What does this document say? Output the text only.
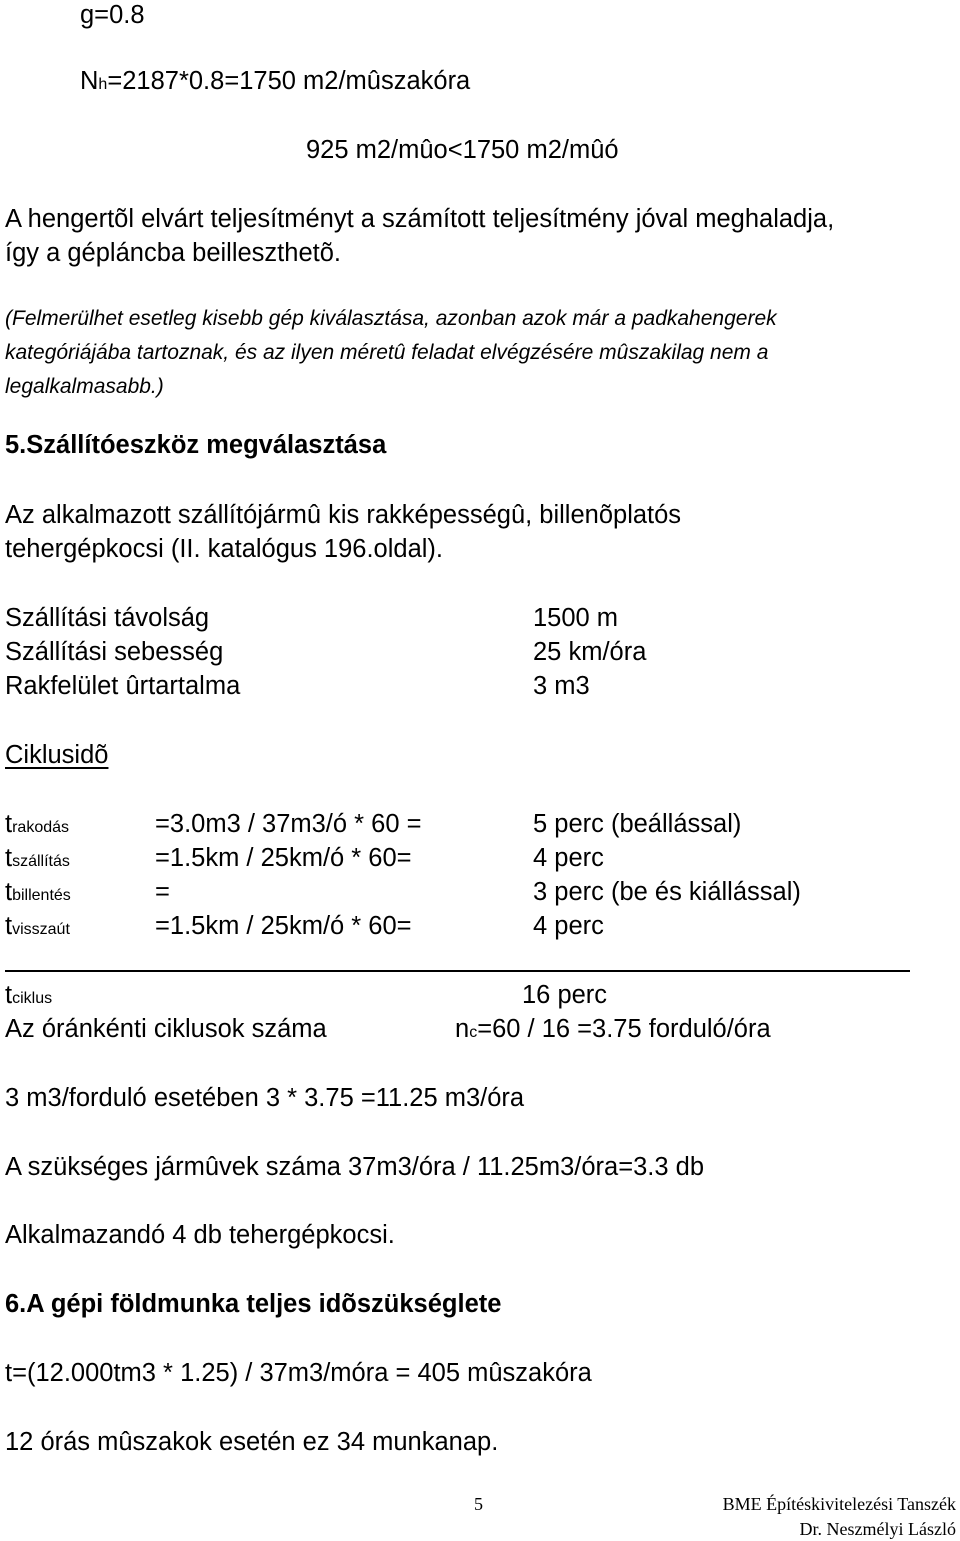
g=0.8
Nh=2187*0.8=1750 m2/mûszakóra
925 m2/mûo<1750 m2/mûó
A hengertõl elvárt teljesítményt a számított teljesítmény jóval meghaladja,
így a gépláncba beilleszthetõ.
(Felmerülhet esetleg kisebb gép kiválasztása, azonban azok már a padkahengerek
kategóriájába tartoznak, és az ilyen méretû feladat elvégzésére mûszakilag nem a
legalkalmasabb.)
5.Szállítóeszköz megválasztása
Az alkalmazott szállítójármû kis rakképességû, billenõplatós
tehergépkocsi (II. katalógus 196.oldal).
Szállítási távolság	1500 m
Szállítási sebesség	25 km/óra
Rakfelület ûrtartalma	3 m3
Ciklusidõ
trakodás	=3.0m3 / 37m3/ó * 60 =	5 perc (beállással)
tszállítás	=1.5km / 25km/ó * 60=	4 perc
tbillentés	=	3 perc (be és kiállással)
tvisszaút	=1.5km / 25km/ó * 60=	4 perc
tciklus	16 perc
Az óránkénti ciklusok száma	nc=60 / 16 =3.75 forduló/óra
3 m3/forduló esetében 3 * 3.75 =11.25 m3/óra
A szükséges jármûvek száma 37m3/óra / 11.25m3/óra=3.3 db
Alkalmazandó 4 db tehergépkocsi.
6.A gépi földmunka teljes idõszükséglete
t=(12.000tm3 * 1.25) / 37m3/móra = 405 mûszakóra
12 órás mûszakok esetén ez 34 munkanap.
5	BME Építéskivitelezési Tanszék
Dr. Neszmélyi László
